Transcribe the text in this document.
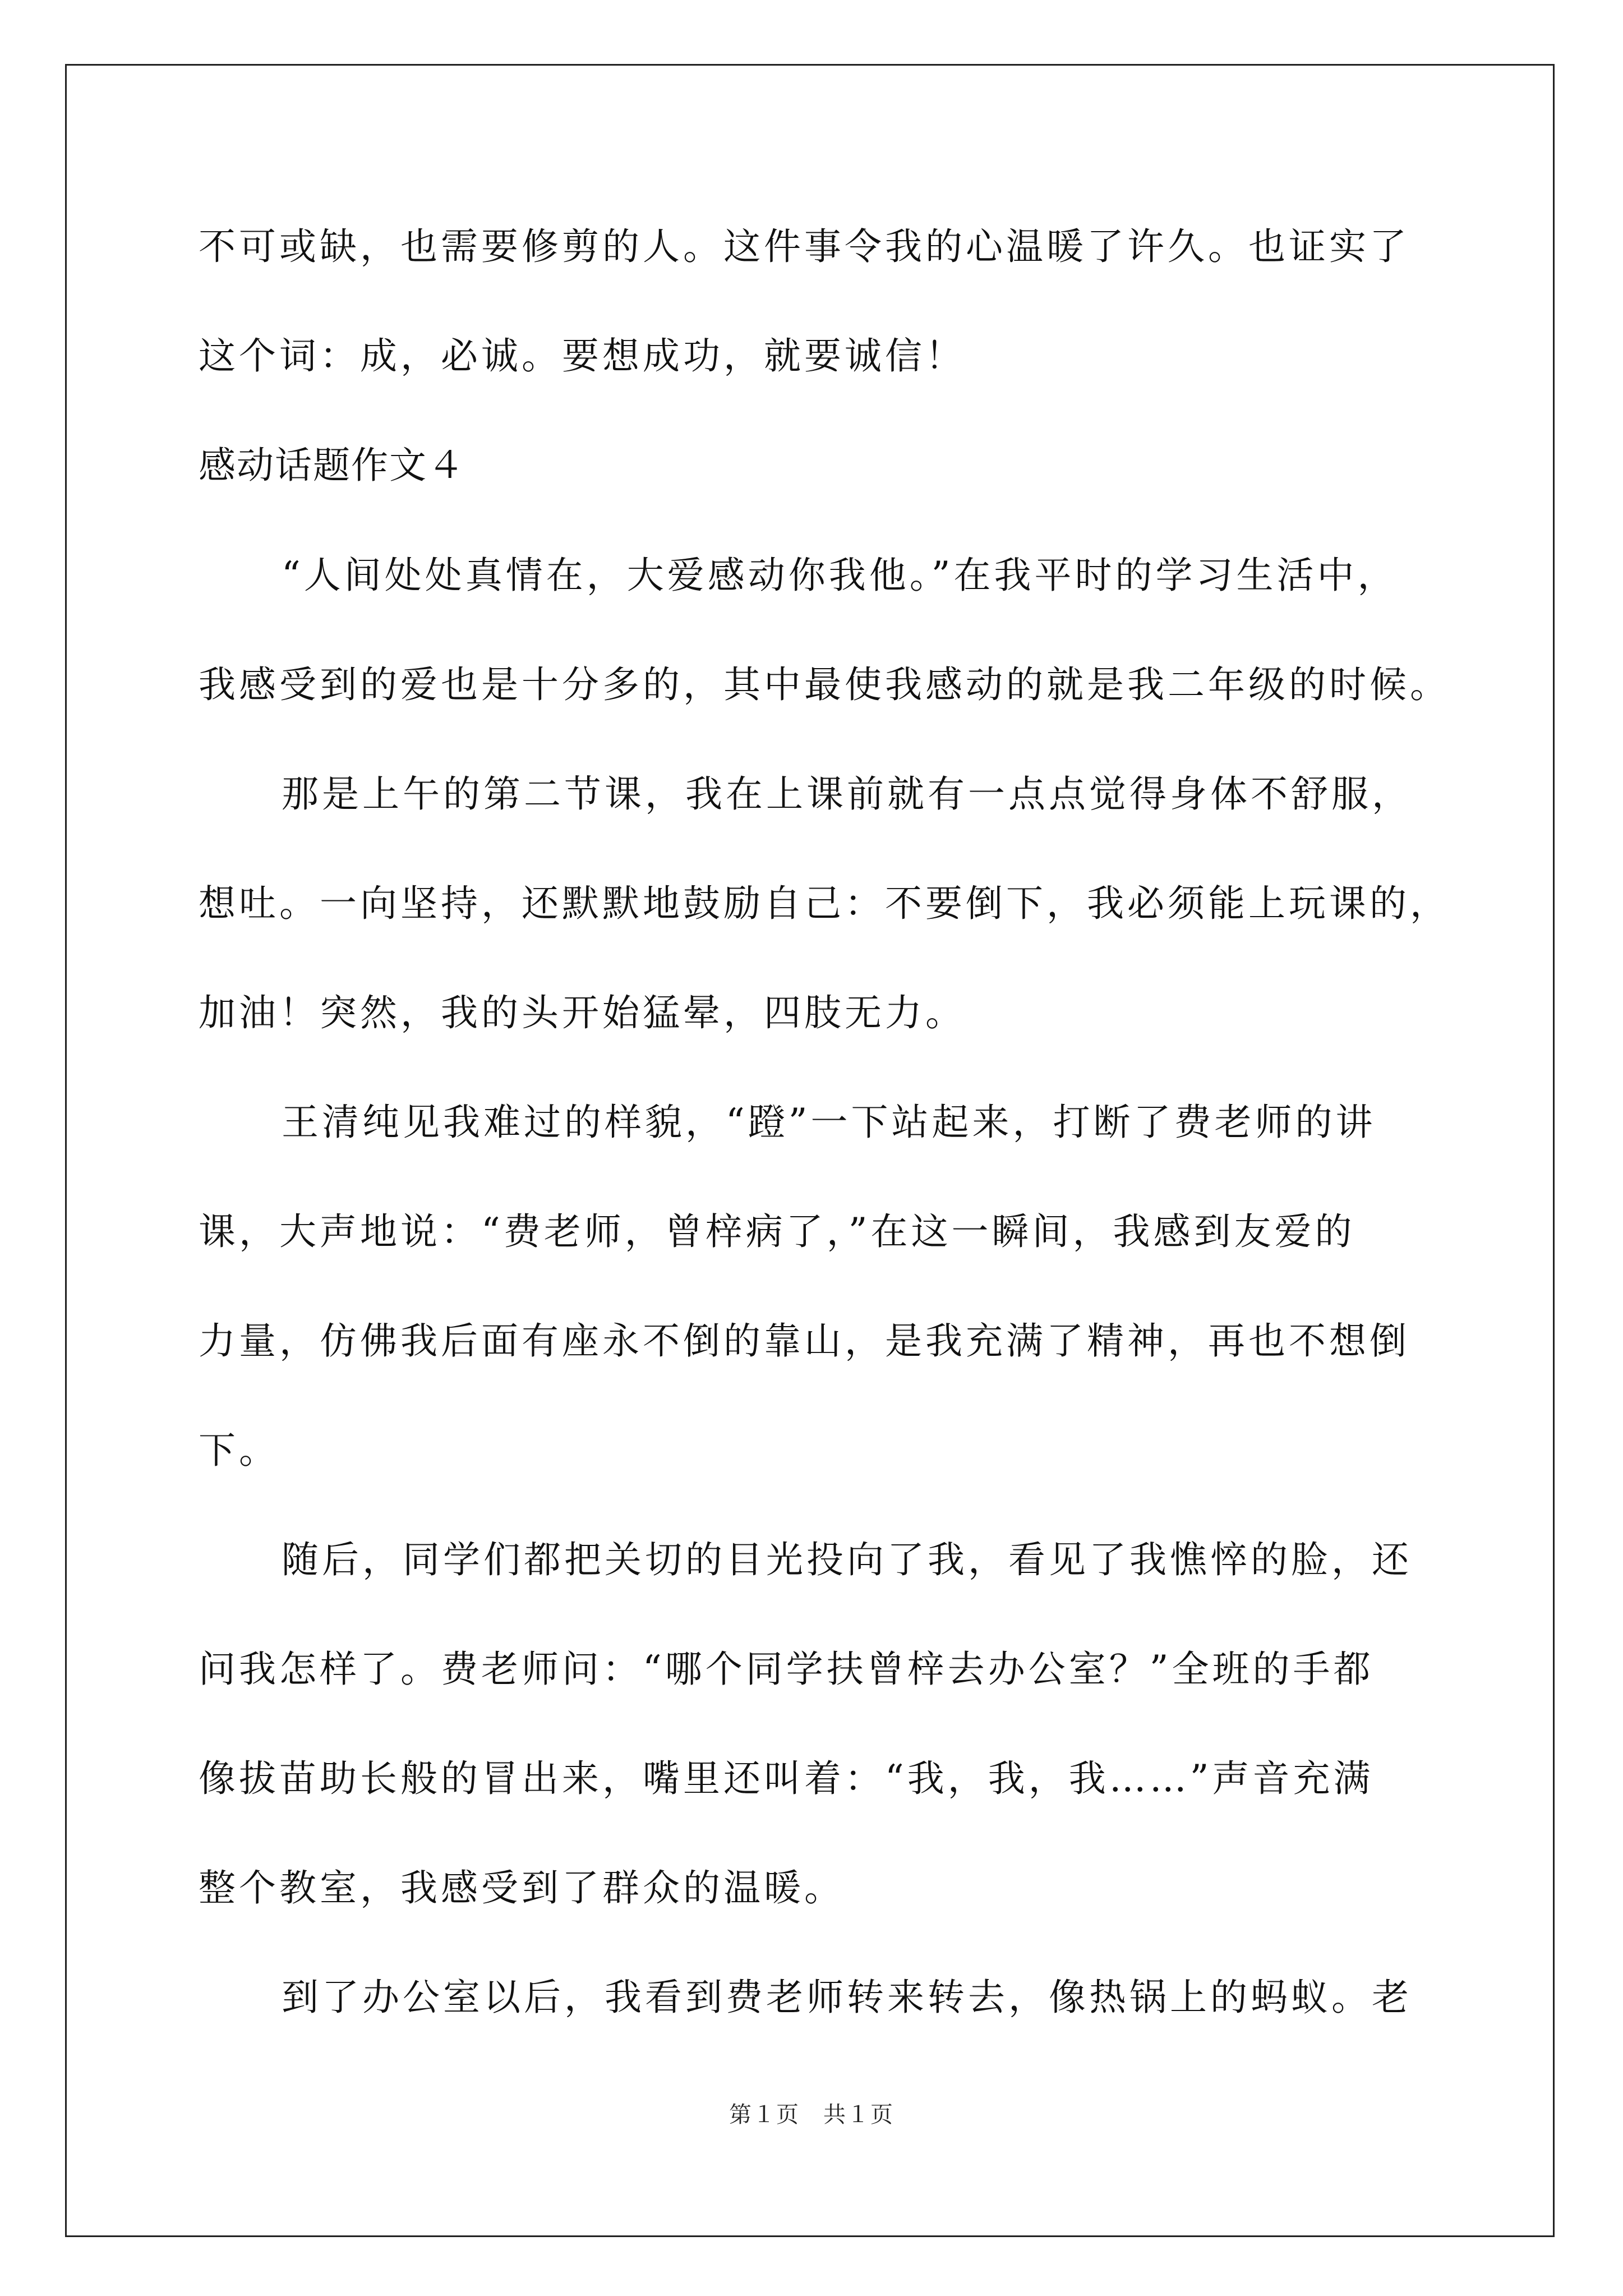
不可或缺，也需要修剪的人。这件事令我的心温暖了许久。也证实了
这个词：成，必诚。要想成功，就要诚信！
感动话题作文４
“人间处处真情在，大爱感动你我他。”在我平时的学习生活中，
我感受到的爱也是十分多的，其中最使我感动的就是我二年级的时候。
那是上午的第二节课，我在上课前就有一点点觉得身体不舒服，
想吐。一向坚持，还默默地鼓励自己：不要倒下，我必须能上玩课的，
加油！突然，我的头开始猛晕，四肢无力。
王清纯见我难过的样貌，“蹬”一下站起来，打断了费老师的讲
课，大声地说：“费老师，曾梓病了，”在这一瞬间，我感到友爱的
力量，仿佛我后面有座永不倒的靠山，是我充满了精神，再也不想倒
下。
随后，同学们都把关切的目光投向了我，看见了我憔悴的脸，还
问我怎样了。费老师问：“哪个同学扶曾梓去办公室？”全班的手都
像拔苗助长般的冒出来，嘴里还叫着：“我，我，我……”声音充满
整个教室，我感受到了群众的温暖。
到了办公室以后，我看到费老师转来转去，像热锅上的蚂蚁。老
第１页　共１页
